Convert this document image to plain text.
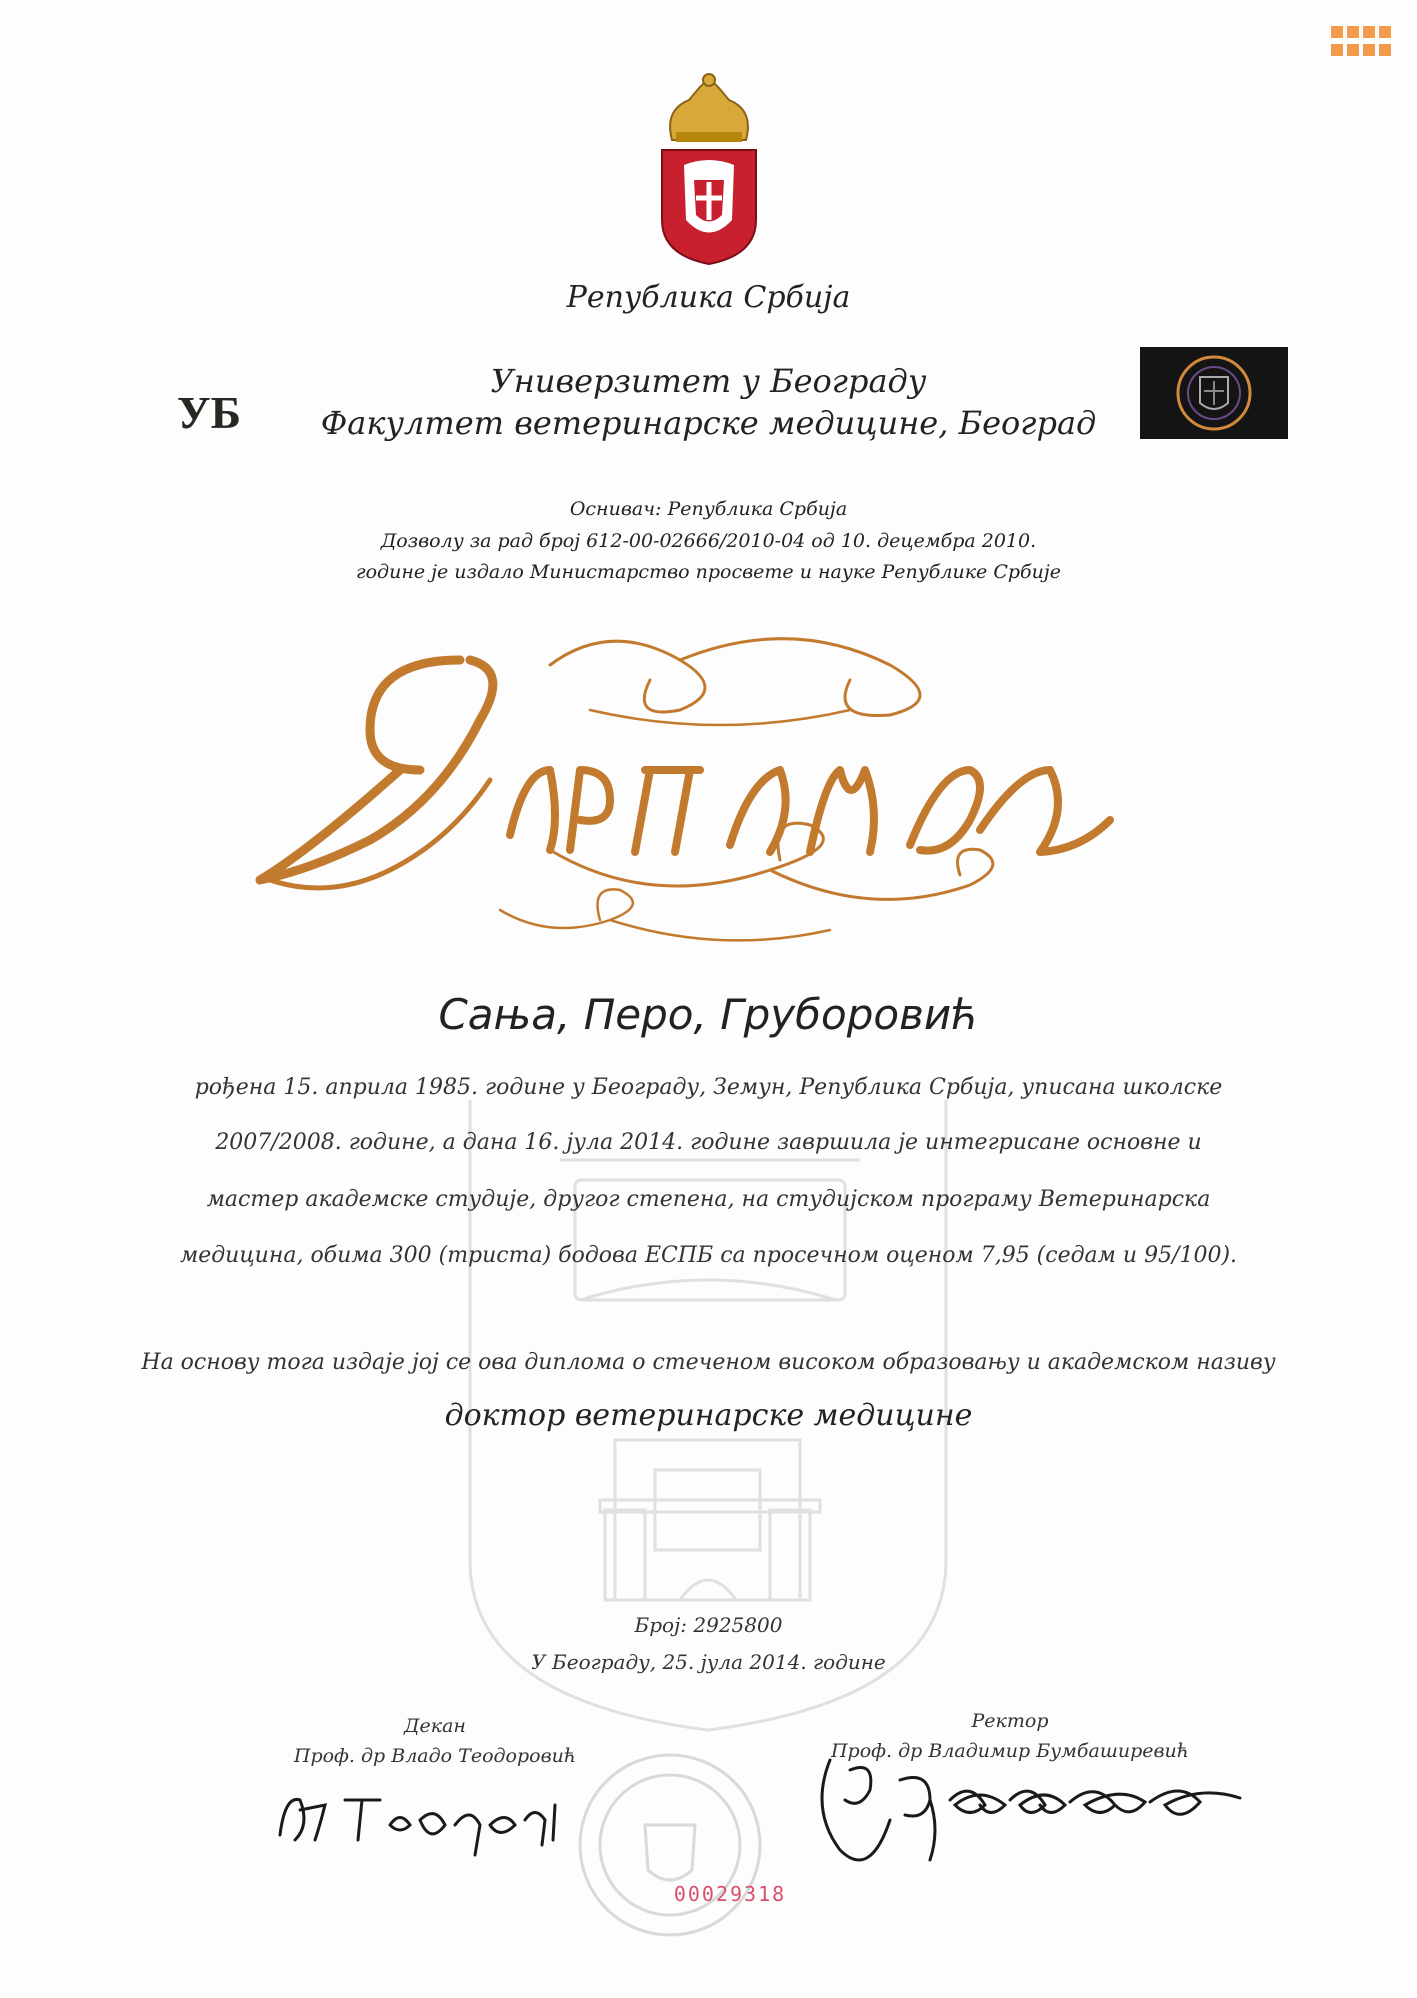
Република Србија
УБ
Универзитет у Београду
Факултет ветеринарске медицине, Београд
Оснивач: Република Србија
Дозволу за рад број 612-00-02666/2010-04 од 10. децембра 2010.
године је издало Министарство просвете и науке Републике Србије
Сања, Перо, Груборовић
рођена 15. априла 1985. године у Београду, Земун, Република Србија, уписана школске
2007/2008. године, а дана 16. јула 2014. године завршила је интегрисане основне и
мастер академске студије, другог степена, на студијском програму Ветеринарска
медицина, обима 300 (триста) бодова ЕСПБ са просечном оценом 7,95 (седам и 95/100).
На основу тога издаје јој се ова диплома о стеченом високом образовању и академском називу
доктор ветеринарске медицине
Број: 2925800
У Београду, 25. јула 2014. године
Декан
Проф. др Владо Теодоровић
Ректор
Проф. др Владимир Бумбаширевић
00029318
